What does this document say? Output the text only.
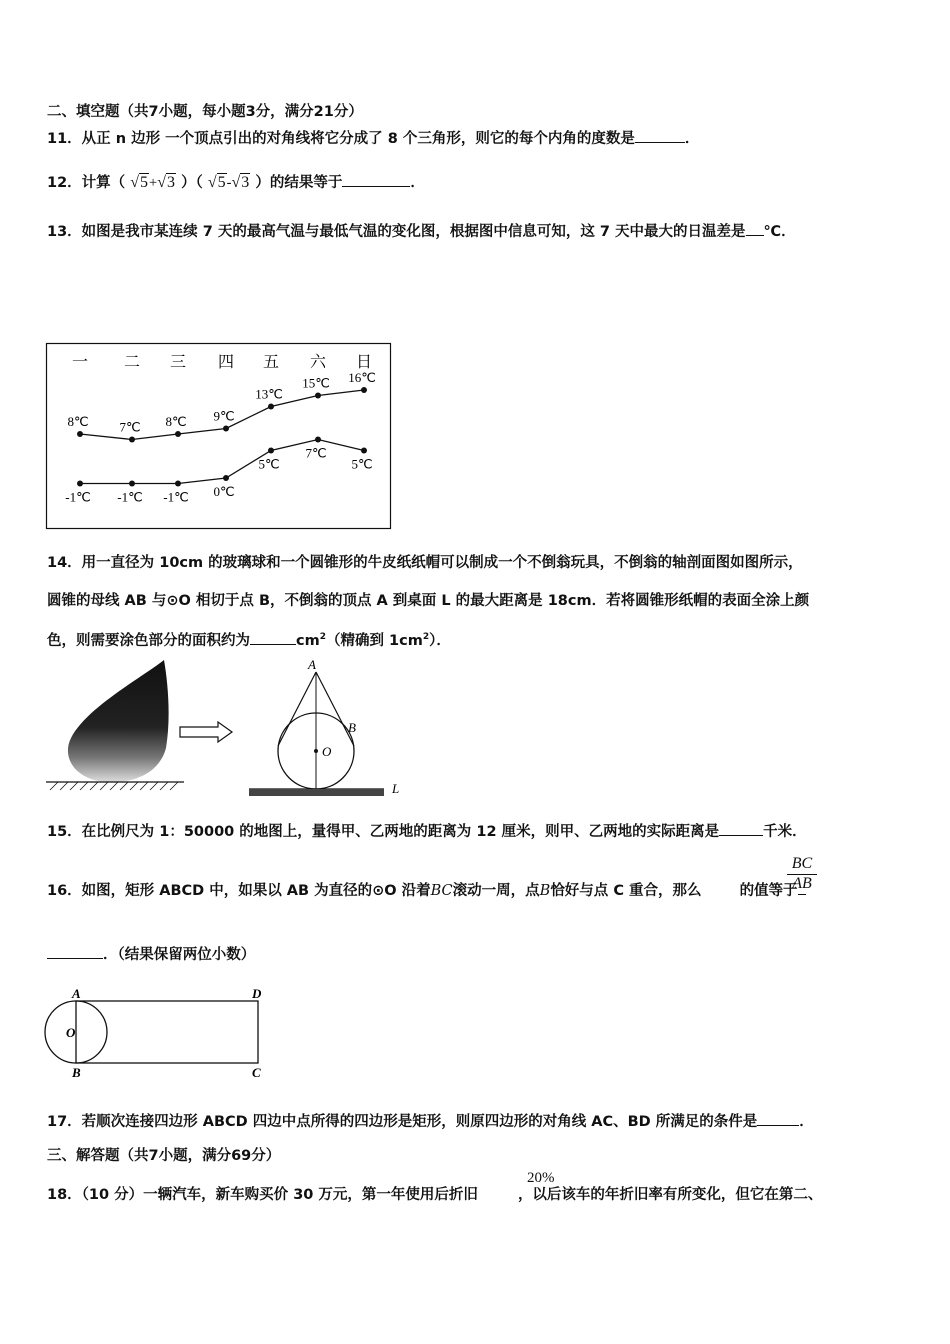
二、填空题（共7小题，每小题3分，满分21分）
11．从正 n 边形 一个顶点引出的对角线将它分成了 8 个三角形，则它的每个内角的度数是	．
12．计算（ √5+√3 ）（ √5-√3 ）的结果等于	．
13．如图是我市某连续 7 天的最高气温与最低气温的变化图，根据图中信息可知，这 7 天中最大的日温差是 ℃．
一 二 三 四 五 六 日
8℃ 7℃ 8℃ 9℃
13℃
15℃ 16℃
-1℃ -1℃ -1℃ 0℃
5℃
7℃
5℃
14．用一直径为 10cm 的玻璃球和一个圆锥形的牛皮纸纸帽可以制成一个不倒翁玩具，不倒翁的轴剖面图如图所示，
圆锥的母线 AB 与⊙O 相切于点 B，不倒翁的顶点 A 到桌面 L 的最大距离是 18cm．若将圆锥形纸帽的表面全涂上颜
色，则需要涂色部分的面积约为	$cm^2$（精确到 $1cm^2$）．
A
B
O
L
15．在比例尺为 1：50000 的地图上，量得甲、乙两地的距离为 12 厘米，则甲、乙两地的实际距离是	千米．
16．如图，矩形 ABCD 中，如果以 AB 为直径的⊙O 沿着BC滚动一周，点B恰好与点 C 重合，那么	的值等于
$\frac{BC}{AB}$
．（结果保留两位小数）
A	D
B	C
O
17．若顺次连接四边形 ABCD 四边中点所得的四边形是矩形，则原四边形的对角线 AC、BD 所满足的条件是	．
三、解答题（共7小题，满分69分）
18．（10 分）一辆汽车，新车购买价 30 万元，第一年使用后折旧	，以后该车的年折旧率有所变化，但它在第二、
20%
